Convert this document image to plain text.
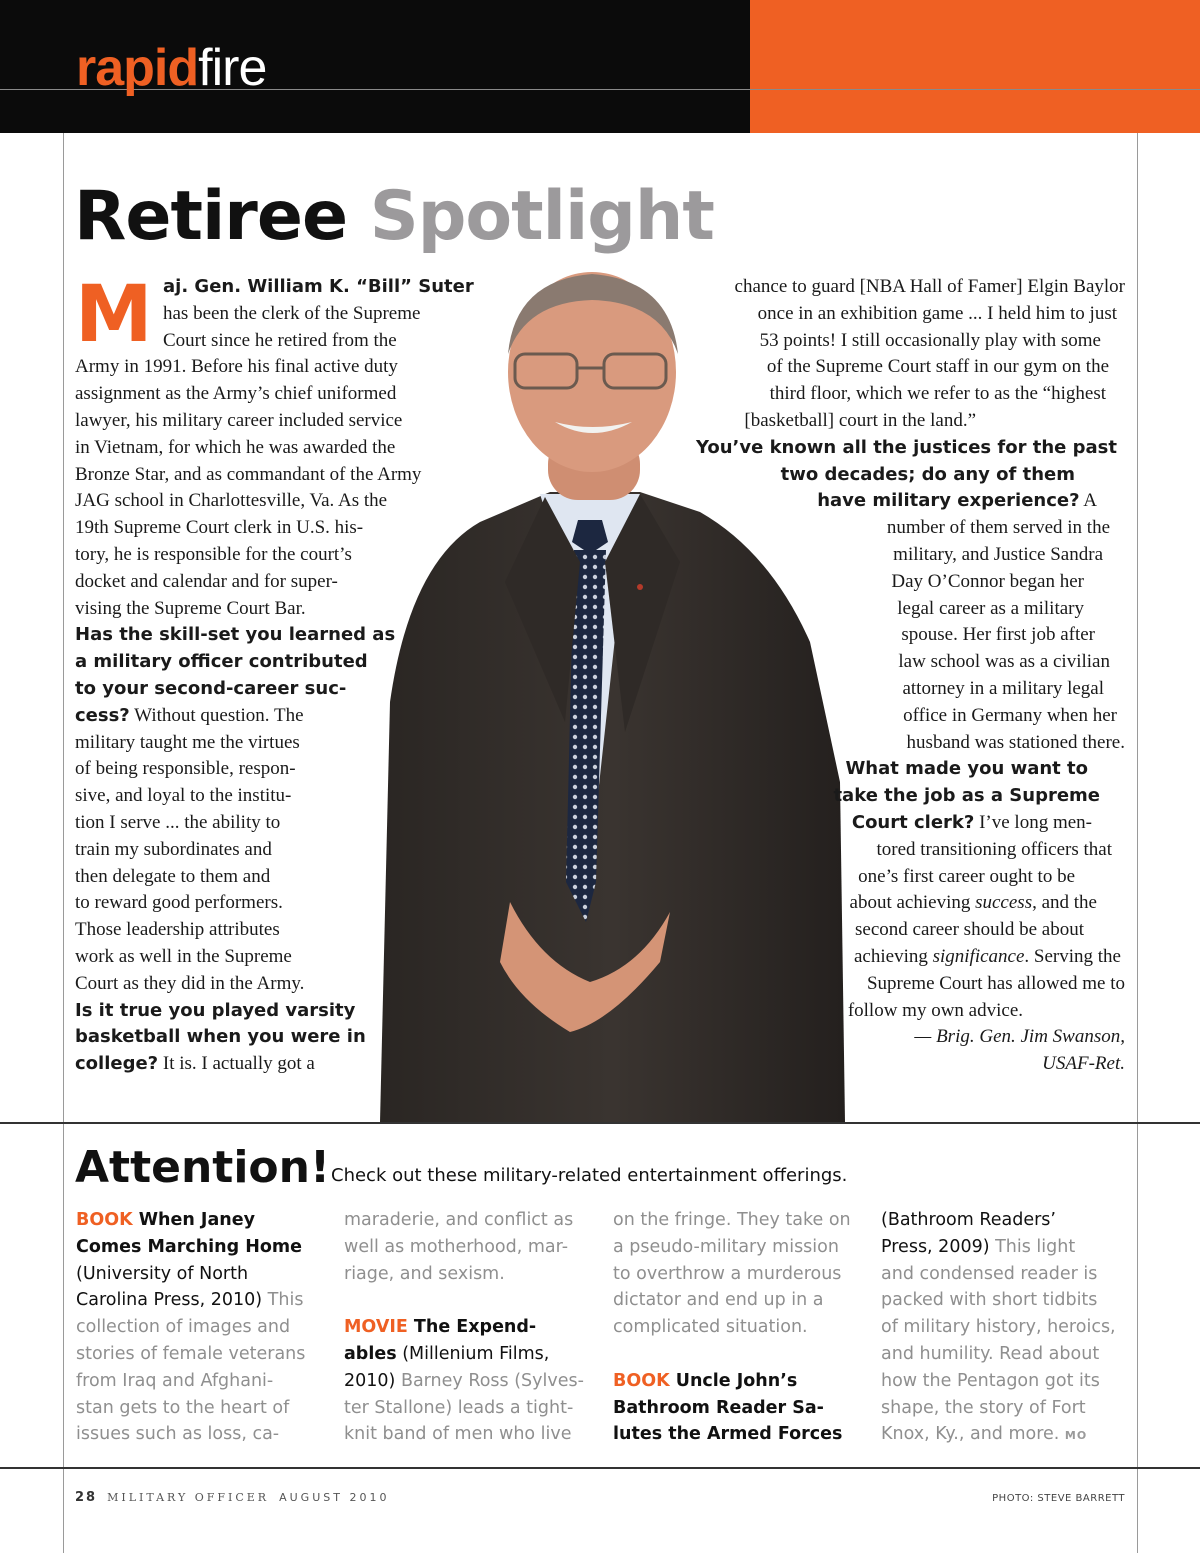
rapidfire
Retiree Spotlight
M aj. Gen. William K. “Bill” Suter
has been the clerk of the Supreme
Court since he retired from the
Army in 1991. Before his final active duty
assignment as the Army’s chief uniformed
lawyer, his military career included service
in Vietnam, for which he was awarded the
Bronze Star, and as commandant of the Army
JAG school in Charlottesville, Va. As the
19th Supreme Court clerk in U.S. his-
tory, he is responsible for the court’s
docket and calendar and for super-
vising the Supreme Court Bar.
Has the skill-set you learned as
a military officer contributed
to your second-career suc-
cess? Without question. The
military taught me the virtues
of being responsible, respon-
sive, and loyal to the institu-
tion I serve ... the ability to
train my subordinates and
then delegate to them and
to reward good performers.
Those leadership attributes
work as well in the Supreme
Court as they did in the Army.
Is it true you played varsity
basketball when you were in
college? It is. I actually got a
chance to guard [NBA Hall of Famer] Elgin Baylor
once in an exhibition game ... I held him to just
53 points! I still occasionally play with some
of the Supreme Court staff in our gym on the
third floor, which we refer to as the “highest
[basketball] court in the land.”
You’ve known all the justices for the past
two decades; do any of them
have military experience? A
number of them served in the
military, and Justice Sandra
Day O’Connor began her
legal career as a military
spouse. Her first job after
law school was as a civilian
attorney in a military legal
office in Germany when her
husband was stationed there.
What made you want to
take the job as a Supreme
Court clerk? I’ve long men-
tored transitioning officers that
one’s first career ought to be
about achieving success, and the
second career should be about
achieving significance. Serving the
Supreme Court has allowed me to
follow my own advice.
— Brig. Gen. Jim Swanson,
USAF-Ret.
Attention! Check out these military-related entertainment offerings.
BOOK When Janey
Comes Marching Home
(University of North
Carolina Press, 2010) This
collection of images and
stories of female veterans
from Iraq and Afghani-
stan gets to the heart of
issues such as loss, ca-
maraderie, and conflict as
well as motherhood, mar-
riage, and sexism.
MOVIE The Expend-
ables (Millenium Films,
2010) Barney Ross (Sylves-
ter Stallone) leads a tight-
knit band of men who live
on the fringe. They take on
a pseudo-military mission
to overthrow a murderous
dictator and end up in a
complicated situation.
BOOK Uncle John’s
Bathroom Reader Sa-
lutes the Armed Forces
(Bathroom Readers’
Press, 2009) This light
and condensed reader is
packed with short tidbits
of military history, heroics,
and humility. Read about
how the Pentagon got its
shape, the story of Fort
Knox, Ky., and more. MO
28 MILITARY OFFICER AUGUST 2010	PHOTO: STEVE BARRETT
